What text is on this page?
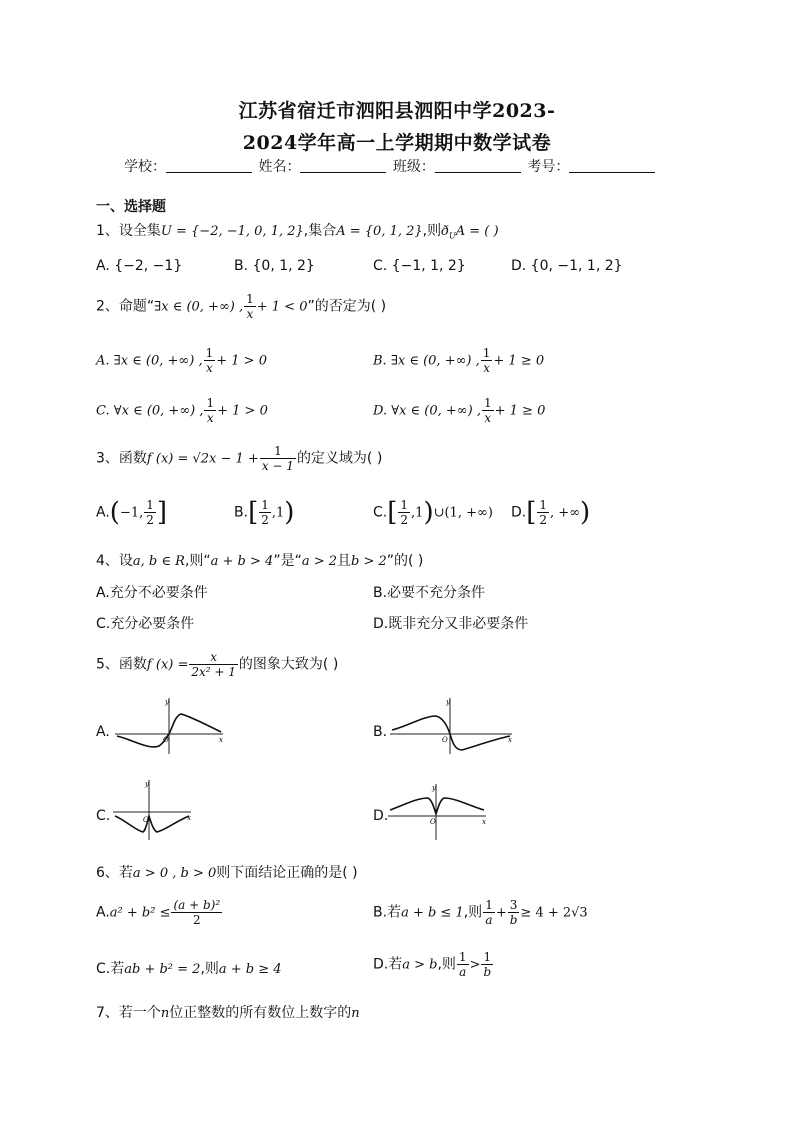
江苏省宿迁市泗阳县泗阳中学2023-
2024学年高一上学期期中数学试卷
学校：	姓名：	班级：	考号：
一、选择题
1、设全集U = {−2, −1, 0, 1, 2},集合A = {0, 1, 2},则$ð_UA$ = ( )
A. {−2, −1}	B. {0, 1, 2}	C. {−1, 1, 2}	D. {0, −1, 1, 2}
2、命题“∃x ∈ (0, +∞) , $\frac{1}{x} + 1 < 0$”的否定为( )
A. ∃x ∈ (0, +∞) , $\frac{1}{x} + 1 > 0$	B. ∃x ∈ (0, +∞) , $\frac{1}{x} + 1 \ge 0$
C. ∀x ∈ (0, +∞) , $\frac{1}{x} + 1 > 0$	D. ∀x ∈ (0, +∞) , $\frac{1}{x} + 1 \ge 0$
3、函数f $(x) = √2x - 1 + \frac{1}{x - 1}$ 的定义域为( )
A.(−1, $\frac{1}{2}$ ]	$B.[ \frac{1}{2} ,1)$	$C.[ \frac{1}{2}$ ,1)∪(1, +∞) $D.[ \frac{1}{2}$ , +∞)
4、设a, b ∈ R,则“a + b > 4”是“a > 2且b > 2”的( )
A.充分不必要条件	B.必要不充分条件
C.充分必要条件	D.既非充分又非必要条件
5、函数f $(x) = \frac{x}{\text{2x² + 1}}$ 的图象大致为( )
A.
y
x
O	B.
y
x
O
C.
y
x
O	D.
y
x
O
6、若a > 0 , b > 0则下面结论正确的是( )
$A.a^2 + b^2 \le \frac{\text{(a + b)²}}{2}$	B.若a + b ≤ 1,则 $\frac{1}{a} + \frac{3}{b} \ge 4 + 2√3$
C.若ab + b² = 2,则a + b ≥ 4	D.若a > b,则 $\frac{1}{a} > \frac{1}{b}$
7、若一个n位正整数的所有数位上数字的n
